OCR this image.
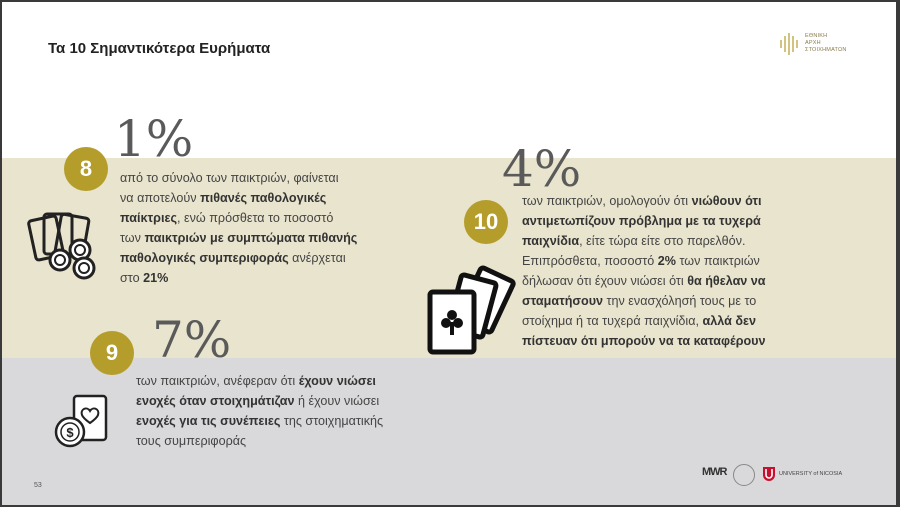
Τα 10 Σημαντικότερα Ευρήματα
ΕΘΝΙΚΗ
ΑΡΧΗ
ΣΤΟΙΧΗΜΑΤΩΝ
8
1%
από το σύνολο των παικτριών, φαίνεται
να αποτελούν πιθανές παθολογικές
παίκτριες, ενώ πρόσθετα το ποσοστό
των παικτριών με συμπτώματα πιθανής
παθολογικές συμπεριφοράς ανέρχεται
στο 21%
10
4%
των παικτριών, ομολογούν ότι νιώθουν ότι
αντιμετωπίζουν πρόβλημα με τα τυχερά
παιχνίδια, είτε τώρα είτε στο παρελθόν.
Επιπρόσθετα, ποσοστό 2% των παικτριών
δήλωσαν ότι έχουν νιώσει ότι θα ήθελαν να
σταματήσουν την ενασχόλησή τους με το
στοίχημα ή τα τυχερά παιχνίδια, αλλά δεν
πίστευαν ότι μπορούν να τα καταφέρουν
9 7%
των παικτριών, ανέφεραν ότι έχουν νιώσει
ενοχές όταν στοιχημάτιζαν ή έχουν νιώσει
ενοχές για τις συνέπειες της στοιχηματικής
τους συμπεριφοράς
$
53
MWR	UNIVERSITY of NICOSIA
